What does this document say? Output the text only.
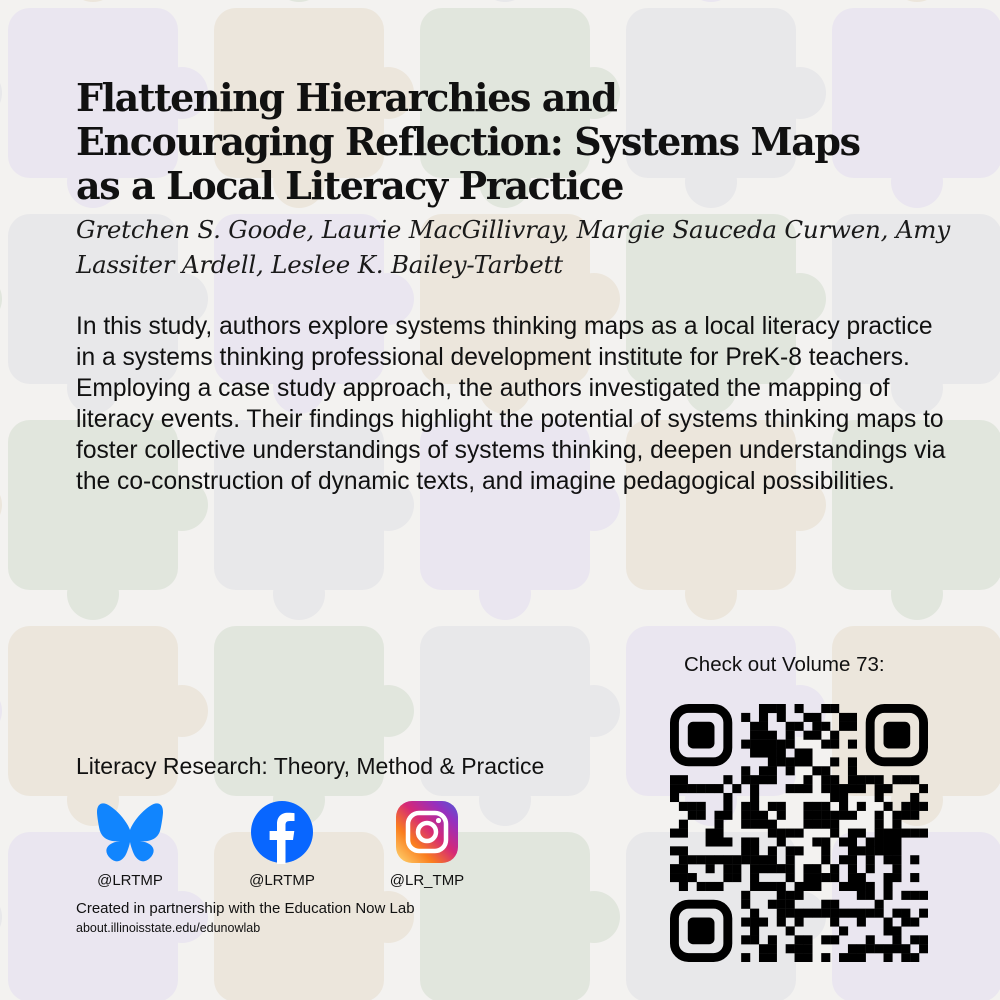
Flattening Hierarchies and Encouraging Reflection: Systems Maps as a Local Literacy Practice

Gretchen S. Goode, Laurie MacGillivray, Margie Sauceda Curwen, Amy Lassiter Ardell, Leslee K. Bailey-Tarbett

In this study, authors explore systems thinking maps as a local literacy practice in a systems thinking professional development institute for PreK-8 teachers. Employing a case study approach, the authors investigated the mapping of literacy events. Their findings highlight the potential of systems thinking maps to foster collective understandings of systems thinking, deepen understandings via the co-construction of dynamic texts, and imagine pedagogical possibilities.

Literacy Research: Theory, Method & Practice

@LRTMP	@LRTMP	@LR_TMP

Created in partnership with the Education Now Lab

about.illinoisstate.edu/edunowlab

Check out Volume 73:
